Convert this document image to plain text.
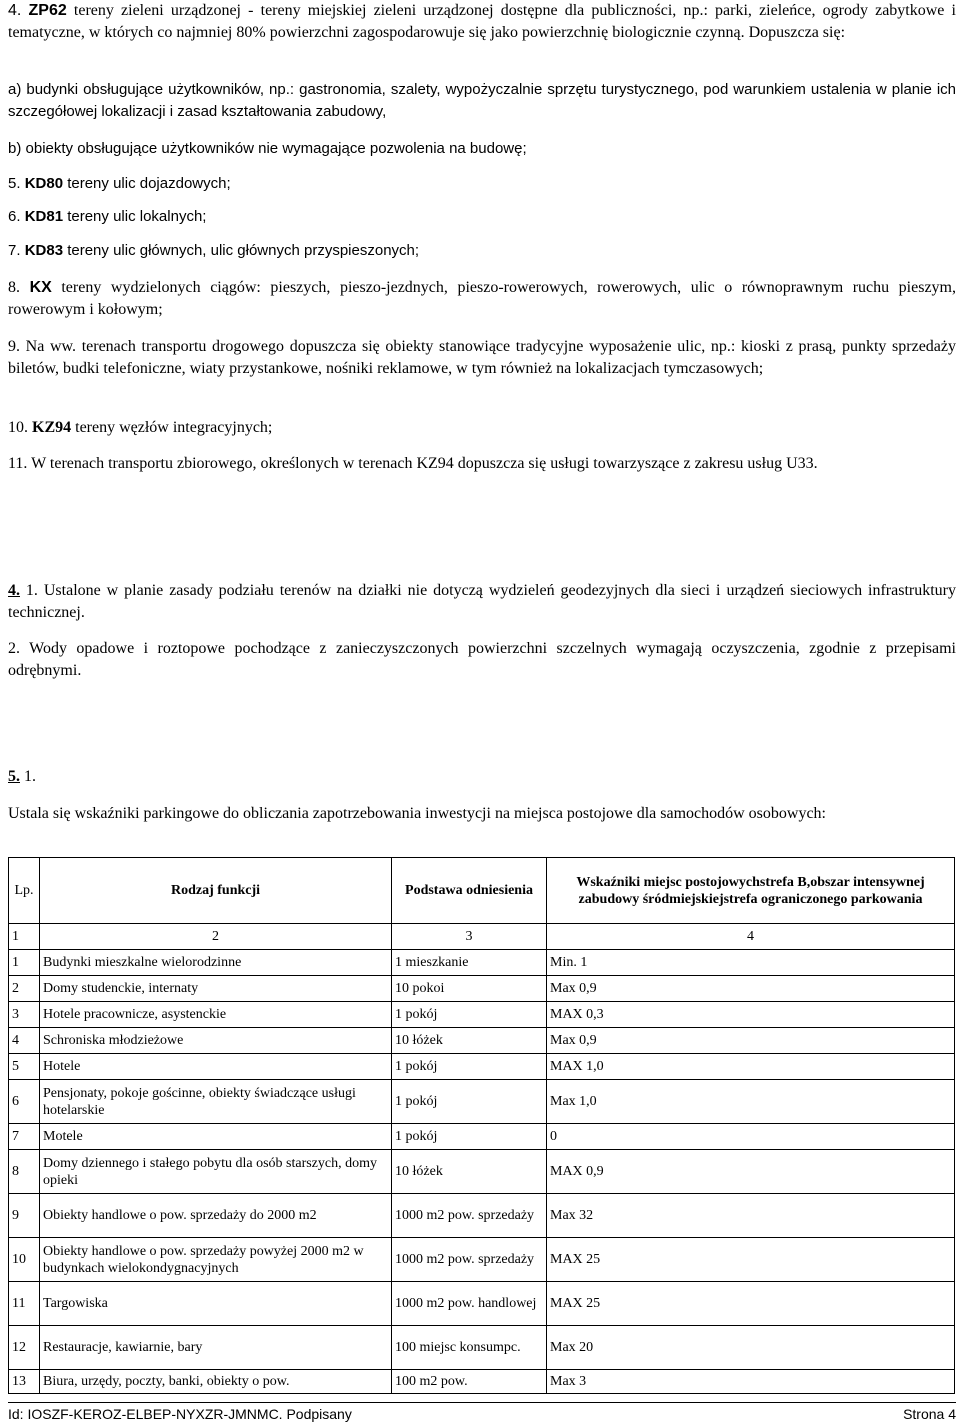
4. ZP62 tereny zieleni urządzonej - tereny miejskiej zieleni urządzonej dostępne dla publiczności, np.: parki, zieleńce, ogrody zabytkowe i tematyczne, w których co najmniej 80% powierzchni zagospodarowuje się jako powierzchnię biologicznie czynną. Dopuszcza się:
a) budynki obsługujące użytkowników, np.: gastronomia, szalety, wypożyczalnie sprzętu turystycznego, pod warunkiem ustalenia w planie ich szczegółowej lokalizacji i zasad kształtowania zabudowy,
b) obiekty obsługujące użytkowników nie wymagające pozwolenia na budowę;
5. KD80 tereny ulic dojazdowych;
6. KD81 tereny ulic lokalnych;
7. KD83 tereny ulic głównych, ulic głównych przyspieszonych;
8. KX tereny wydzielonych ciągów: pieszych, pieszo-jezdnych, pieszo-rowerowych, rowerowych, ulic o równoprawnym ruchu pieszym, rowerowym i kołowym;
9. Na ww. terenach transportu drogowego dopuszcza się obiekty stanowiące tradycyjne wyposażenie ulic, np.: kioski z prasą, punkty sprzedaży biletów, budki telefoniczne, wiaty przystankowe, nośniki reklamowe, w tym również na lokalizacjach tymczasowych;
10. KZ94 tereny węzłów integracyjnych;
11. W terenach transportu zbiorowego, określonych w terenach KZ94 dopuszcza się usługi towarzyszące z zakresu usług U33.
4. 1. Ustalone w planie zasady podziału terenów na działki nie dotyczą wydzieleń geodezyjnych dla sieci i urządzeń sieciowych infrastruktury technicznej.
2. Wody opadowe i roztopowe pochodzące z zanieczyszczonych powierzchni szczelnych wymagają oczyszczenia, zgodnie z przepisami odrębnymi.
5. 1.
Ustala się wskaźniki parkingowe do obliczania zapotrzebowania inwestycji na miejsca postojowe dla samochodów osobowych:
Lp.	Rodzaj funkcji	Podstawa odniesienia	Wskaźniki miejsc postojowychstrefa B,obszar intensywnej zabudowy śródmiejskiejstrefa ograniczonego parkowania
1	2	3	4
1	Budynki mieszkalne wielorodzinne	1 mieszkanie	Min. 1
2	Domy studenckie, internaty	10 pokoi	Max 0,9
3	Hotele pracownicze, asystenckie	1 pokój	MAX 0,3
4	Schroniska młodzieżowe	10 łóżek	Max 0,9
5	Hotele	1 pokój	MAX 1,0
6	Pensjonaty, pokoje gościnne, obiekty świadczące usługi hotelarskie	1 pokój	Max 1,0
7	Motele	1 pokój	0
8	Domy dziennego i stałego pobytu dla osób starszych, domy opieki	10 łóżek	MAX 0,9
9	Obiekty handlowe o pow. sprzedaży do 2000 m2	1000 m2 pow. sprzedaży	Max 32
10	Obiekty handlowe o pow. sprzedaży powyżej 2000 m2 w budynkach wielokondygnacyjnych	1000 m2 pow. sprzedaży	MAX 25
11	Targowiska	1000 m2 pow. handlowej	MAX 25
12	Restauracje, kawiarnie, bary	100 miejsc konsumpc.	Max 20
13	Biura, urzędy, poczty, banki, obiekty o pow.	100 m2 pow.	Max 3
Id: IOSZF-KEROZ-ELBEP-NYXZR-JMNMC. Podpisany	Strona 4
